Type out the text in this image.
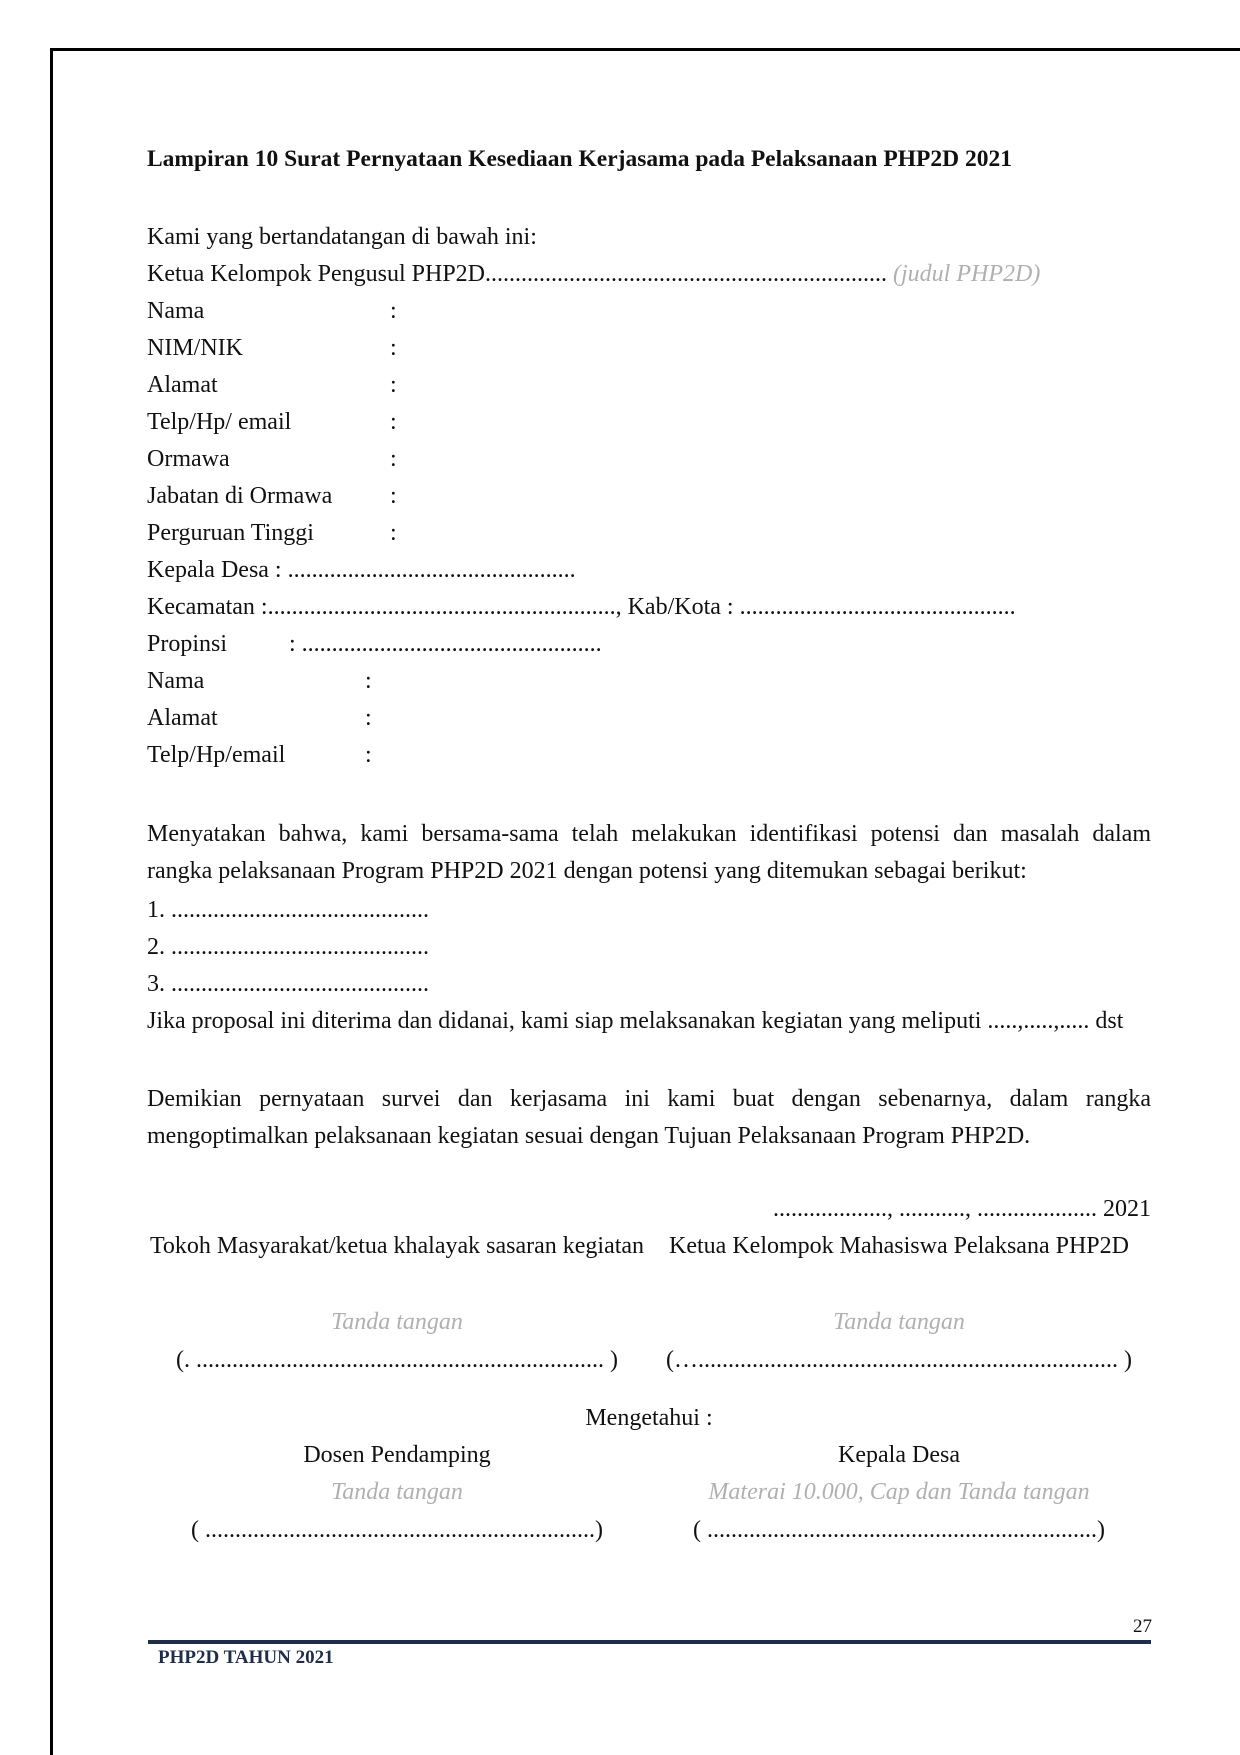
Lampiran 10 Surat Pernyataan Kesediaan Kerjasama pada Pelaksanaan PHP2D 2021
Kami yang bertandatangan di bawah ini:
Ketua Kelompok Pengusul PHP2D................................................................... (judul PHP2D)
Nama	:
NIM/NIK	:
Alamat	:
Telp/Hp/ email	:
Ormawa	:
Jabatan di Ormawa :
Perguruan Tinggi	:
Kepala Desa : ................................................
Kecamatan :.........................................................., Kab/Kota : ..............................................
Propinsi	: ..................................................
Nama	:
Alamat	:
Telp/Hp/email	:
Menyatakan bahwa, kami bersama-sama telah melakukan identifikasi potensi dan masalah dalam rangka pelaksanaan Program PHP2D 2021 dengan potensi yang ditemukan sebagai berikut:
1. ...........................................
2. ...........................................
3. ...........................................
Jika proposal ini diterima dan didanai, kami siap melaksanakan kegiatan yang meliputi .....,.....,..... dst
Demikian pernyataan survei dan kerjasama ini kami buat dengan sebenarnya, dalam rangka mengoptimalkan pelaksanaan kegiatan sesuai dengan Tujuan Pelaksanaan Program PHP2D.
..................., ..........., .................... 2021
Tokoh Masyarakat/ketua khalayak sasaran kegiatan	Ketua Kelompok Mahasiswa Pelaksana PHP2D
Tanda tangan	Tanda tangan
(. .................................................................... )	(…...................................................................... )
Mengetahui :
Dosen Pendamping	Kepala Desa
Tanda tangan	Materai 10.000, Cap dan Tanda tangan
( .................................................................)	( .................................................................)
27
PHP2D TAHUN 2021
